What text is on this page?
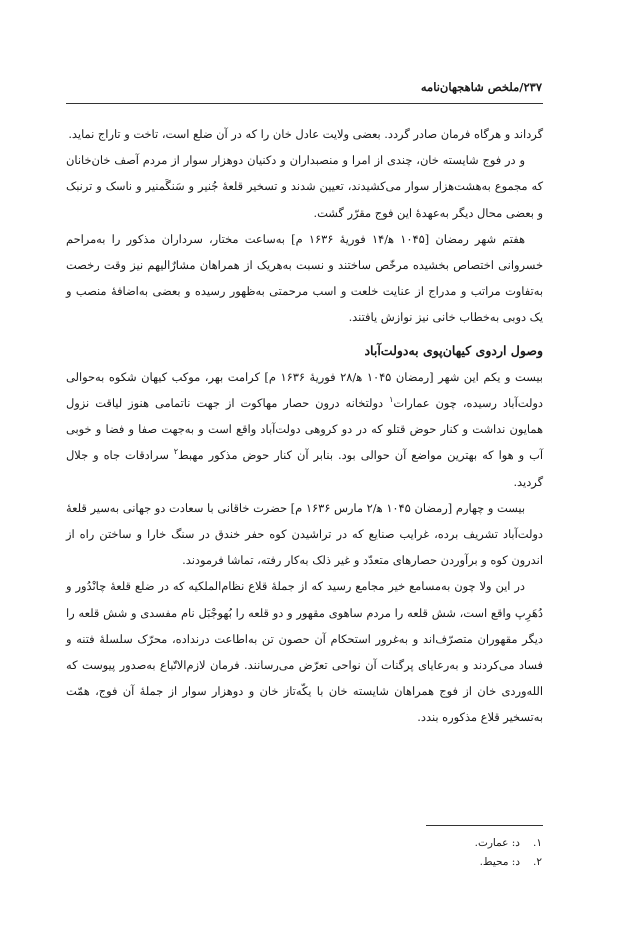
۲۳۷/ملخص شاهجهان‌نامه

گرداند و هرگاه فرمان صادر گردد. بعضی ولایت عادل خان را که در آن ضلع است، تاخت و تاراج نماید.

و در فوج شایسته خان، چندی از امرا و منصبداران و دکنیان دوهزار سوار از مردم آصف خان‌خانان که مجموع به‌هشت‌هزار سوار می‌کشیدند، تعیین شدند و تسخیر قلعهٔ جُنیر و سَنگَمنیر و ناسک و ترنبک و بعضی محال دیگر به‌عهدهٔ این فوج مقرّر گشت.

هفتم شهر رمضان [۱۰۴۵ ه‍/۱۴ فوریهٔ ۱۶۳۶ م] به‌ساعت مختار، سرداران مذکور را به‌مراحم خسروانی اختصاص بخشیده مرخّص ساختند و نسبت به‌هریک از همراهان مشارٌالیهم نیز وقت رخصت به‌تفاوت مراتب و مدراج از عنایت خلعت و اسب مرحمتی به‌ظهور رسیده و بعضی به‌اضافهٔ منصب و یک دوبی به‌خطاب خانی نیز نوازش یافتند.

وصول اردوی کیهان‌پوی به‌دولت‌آباد

بیست و یکم این شهر [رمضان ۱۰۴۵ ه‍/۲۸ فوریهٔ ۱۶۳۶ م] کرامت بهر، موکب کیهان شکوه به‌حوالی دولت‌آباد رسیده، چون عمارات$^۱$ دولتخانه درون حصار مهاکوت از جهت ناتمامی هنوز لیاقت نزول همایون نداشت و کنار حوض قتلو که در دو کروهی دولت‌آباد واقع است و به‌جهت صفا و فضا و خوبی آب و هوا که بهترین مواضع آن حوالی بود. بنابر آن کنار حوض مذکور مهبط$^۲$ سرادقات جاه و جلال گردید.

بیست و چهارم [رمضان ۱۰۴۵ ه‍/۲ مارس ۱۶۳۶ م] حضرت خاقانی با سعادت دو جهانی به‌سیر قلعهٔ دولت‌آباد تشریف برده، غرایب صنایع که در تراشیدن کوه حفر خندق در سنگ خارا و ساختن راه از اندرون کوه و برآوردن حصارهای متعدّد و غیر ذلک به‌کار رفته، تماشا فرمودند.

در این ولا چون به‌مسامع خیر مجامع رسید که از جملهٔ قلاع نظام‌الملکیه که در ضلع قلعهٔ چانْدُور و دُهَرِپ واقع است، شش قلعه را مردم ساهوی مقهور و دو قلعه را بُهوجْبَل نام مفسدی و شش قلعه را دیگر مقهوران متصرّف‌اند و به‌غرور استحکام آن حصون تن به‌اطاعت درنداده، محرّک سلسلهٔ فتنه و فساد می‌کردند و به‌رعایای پرگنات آن نواحی تعرّض می‌رسانند. فرمان لازم‌الاتّباع به‌صدور پیوست که الله‌وردی خان از فوج همراهان شایسته خان با یکّه‌تاز خان و دوهزار سوار از جملهٔ آن فوج، همّت به‌تسخیر قلاع مذکوره بندد.

۱.د: عمارت.

۲.د: محیط.
